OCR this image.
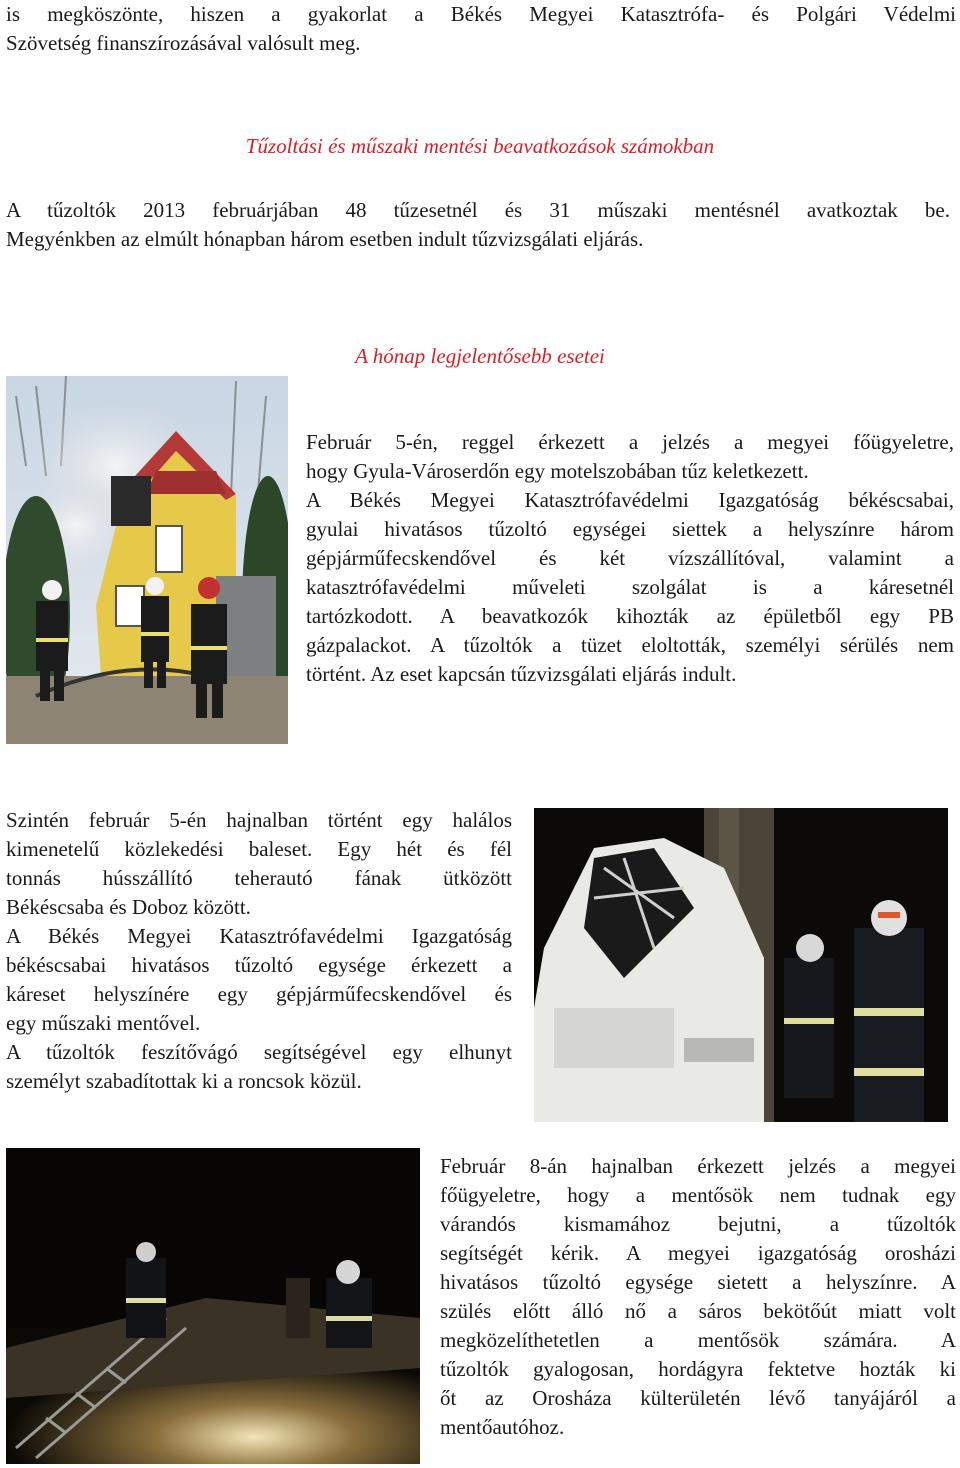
is megköszönte, hiszen a gyakorlat a Békés Megyei Katasztrófa- és Polgári Védelmi
Szövetség finanszírozásával valósult meg.

Tűzoltási és műszaki mentési beavatkozások számokban

A tűzoltók 2013 februárjában 48 tűzesetnél és 31 műszaki mentésnél avatkoztak be.
Megyénkben az elmúlt hónapban három esetben indult tűzvizsgálati eljárás.

A hónap legjelentősebb esetei

Február 5-én, reggel érkezett a jelzés a megyei főügyeletre,
hogy Gyula-Városerdőn egy motelszobában tűz keletkezett.
A Békés Megyei Katasztrófavédelmi Igazgatóság békéscsabai,
gyulai hivatásos tűzoltó egységei siettek a helyszínre három
gépjárműfecskendővel és két vízszállítóval, valamint a
katasztrófavédelmi műveleti szolgálat is a káresetnél
tartózkodott. A beavatkozók kihozták az épületből egy PB
gázpalackot. A tűzoltók a tüzet eloltották, személyi sérülés nem
történt. Az eset kapcsán tűzvizsgálati eljárás indult.
Szintén február 5-én hajnalban történt egy halálos
kimenetelű közlekedési baleset. Egy hét és fél
tonnás hússzállító teherautó fának ütközött
Békéscsaba és Doboz között.
A Békés Megyei Katasztrófavédelmi Igazgatóság
békéscsabai hivatásos tűzoltó egysége érkezett a
káreset helyszínére egy gépjárműfecskendővel és
egy műszaki mentővel.
A tűzoltók feszítővágó segítségével egy elhunyt
személyt szabadítottak ki a roncsok közül.
Február 8-án hajnalban érkezett jelzés a megyei
főügyeletre, hogy a mentősök nem tudnak egy
várandós kismamához bejutni, a tűzoltók
segítségét kérik. A megyei igazgatóság orosházi
hivatásos tűzoltó egysége sietett a helyszínre. A
szülés előtt álló nő a sáros bekötőút miatt volt
megközelíthetetlen a mentősök számára. A
tűzoltók gyalogosan, hordágyra fektetve hozták ki
őt az Orosháza külterületén lévő tanyájáról a
mentőautóhoz.
